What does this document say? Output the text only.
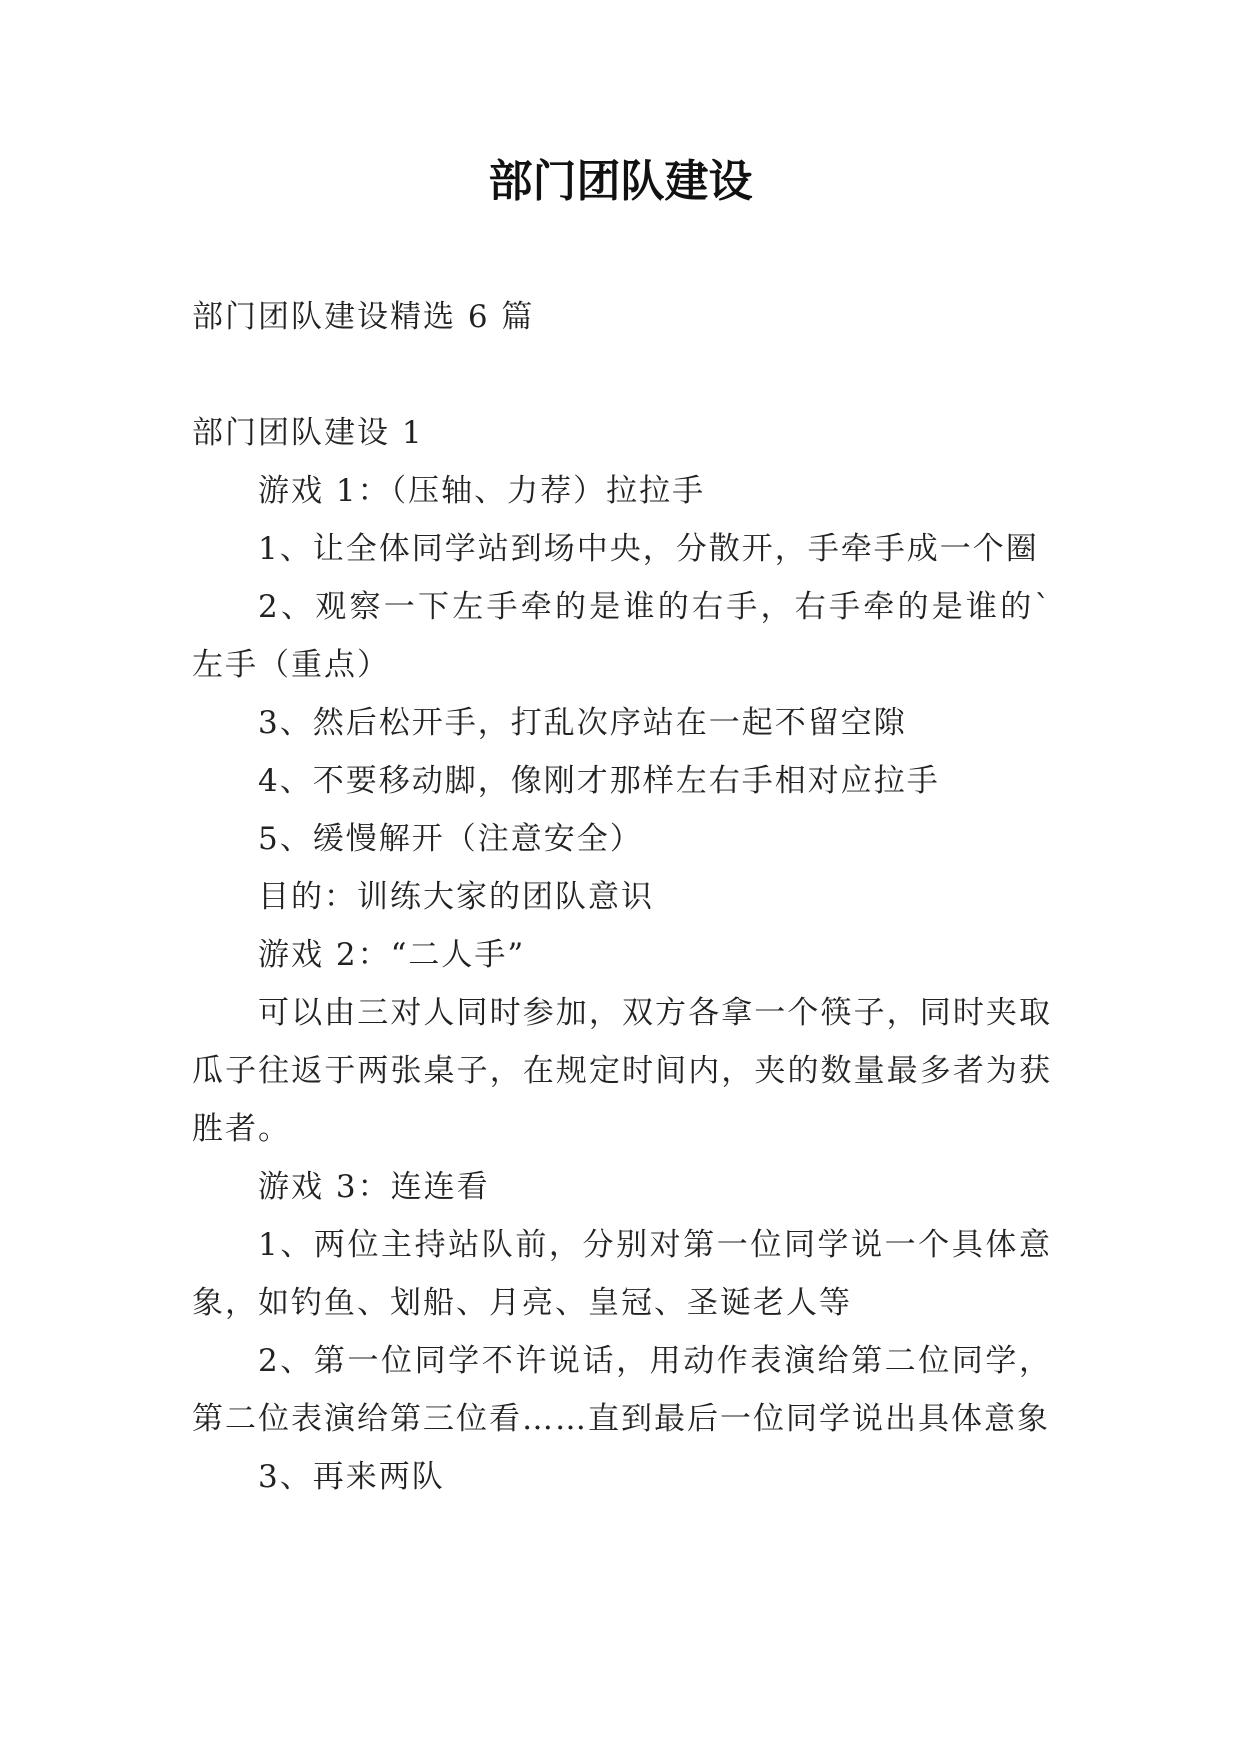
部门团队建设

部门团队建设精选 6 篇

部门团队建设 1

游戏 1：（压轴、力荐）拉拉手

1、让全体同学站到场中央，分散开，手牵手成一个圈

2、观察一下左手牵的是谁的右手，右手牵的是谁的`左手（重点）

3、然后松开手，打乱次序站在一起不留空隙

4、不要移动脚，像刚才那样左右手相对应拉手

5、缓慢解开（注意安全）

目的：训练大家的团队意识

游戏 2：“二人手”

可以由三对人同时参加，双方各拿一个筷子，同时夹取瓜子往返于两张桌子，在规定时间内，夹的数量最多者为获胜者。

游戏 3：连连看

1、两位主持站队前，分别对第一位同学说一个具体意象，如钓鱼、划船、月亮、皇冠、圣诞老人等

2、第一位同学不许说话，用动作表演给第二位同学，第二位表演给第三位看……直到最后一位同学说出具体意象

3、再来两队
